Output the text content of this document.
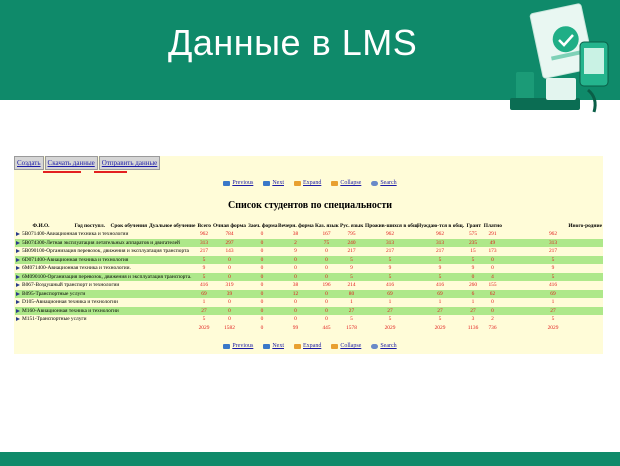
Данные в LMS
Создать	Скачать данные	Отправить данные
Previous	Next	Expand	Collapse	Search
Список студентов по специальности
Ф.И.О.	Год поступл.	Срок обучения	Дуальное обучение	Всего	Очная форма	Заоч. форма	Вечерн. форма	Каз. язык	Рус. язык	Прожив-шихся в общ.	Нуждаю-тся в общ.	Грант	Платно	Иного-родние
5B071400-Авиационная техника и технологии				962	784	0	38	167	795	962	962	575	291	962
5B074300-Летная эксплуатация летательных аппаратов и двигателей				313	297	0	2	75	240	313	313	235	49	313
5B090100-Организация перевозок, движения и эксплуатация транспорта				217	143	0	9	0	217	217	217	15	173	217
6D071400-Авиационная техника и технология				5	0	0	0	0	5	5	5	5	0	5
6M071400-Авиационная техника и технологии.				9	0	0	0	0	9	9	9	9	0	9
6M090100-Организация перевозок, движения и эксплуатация транспорта.				5	0	0	0	0	5	5	5	0	4	5
B067-Воздушный транспорт и технологии				416	319	0	38	196	214	416	416	260	155	416
B095-Транспортные услуги				69	39	0	12	0	80	69	69	6	62	69
D105-Авиационная техника и технологии				1	0	0	0	0	1	1	1	1	0	1
M160-Авиационная техника и технологии				27	0	0	0	0	27	27	27	27	0	27
M151-Транспортные услуги				5	0	0	0	0	5	5	5	3	2	5
				2029	1582	0	99	445	1578	2029	2029	1136	736	2029
Previous	Next	Expand	Collapse	Search
